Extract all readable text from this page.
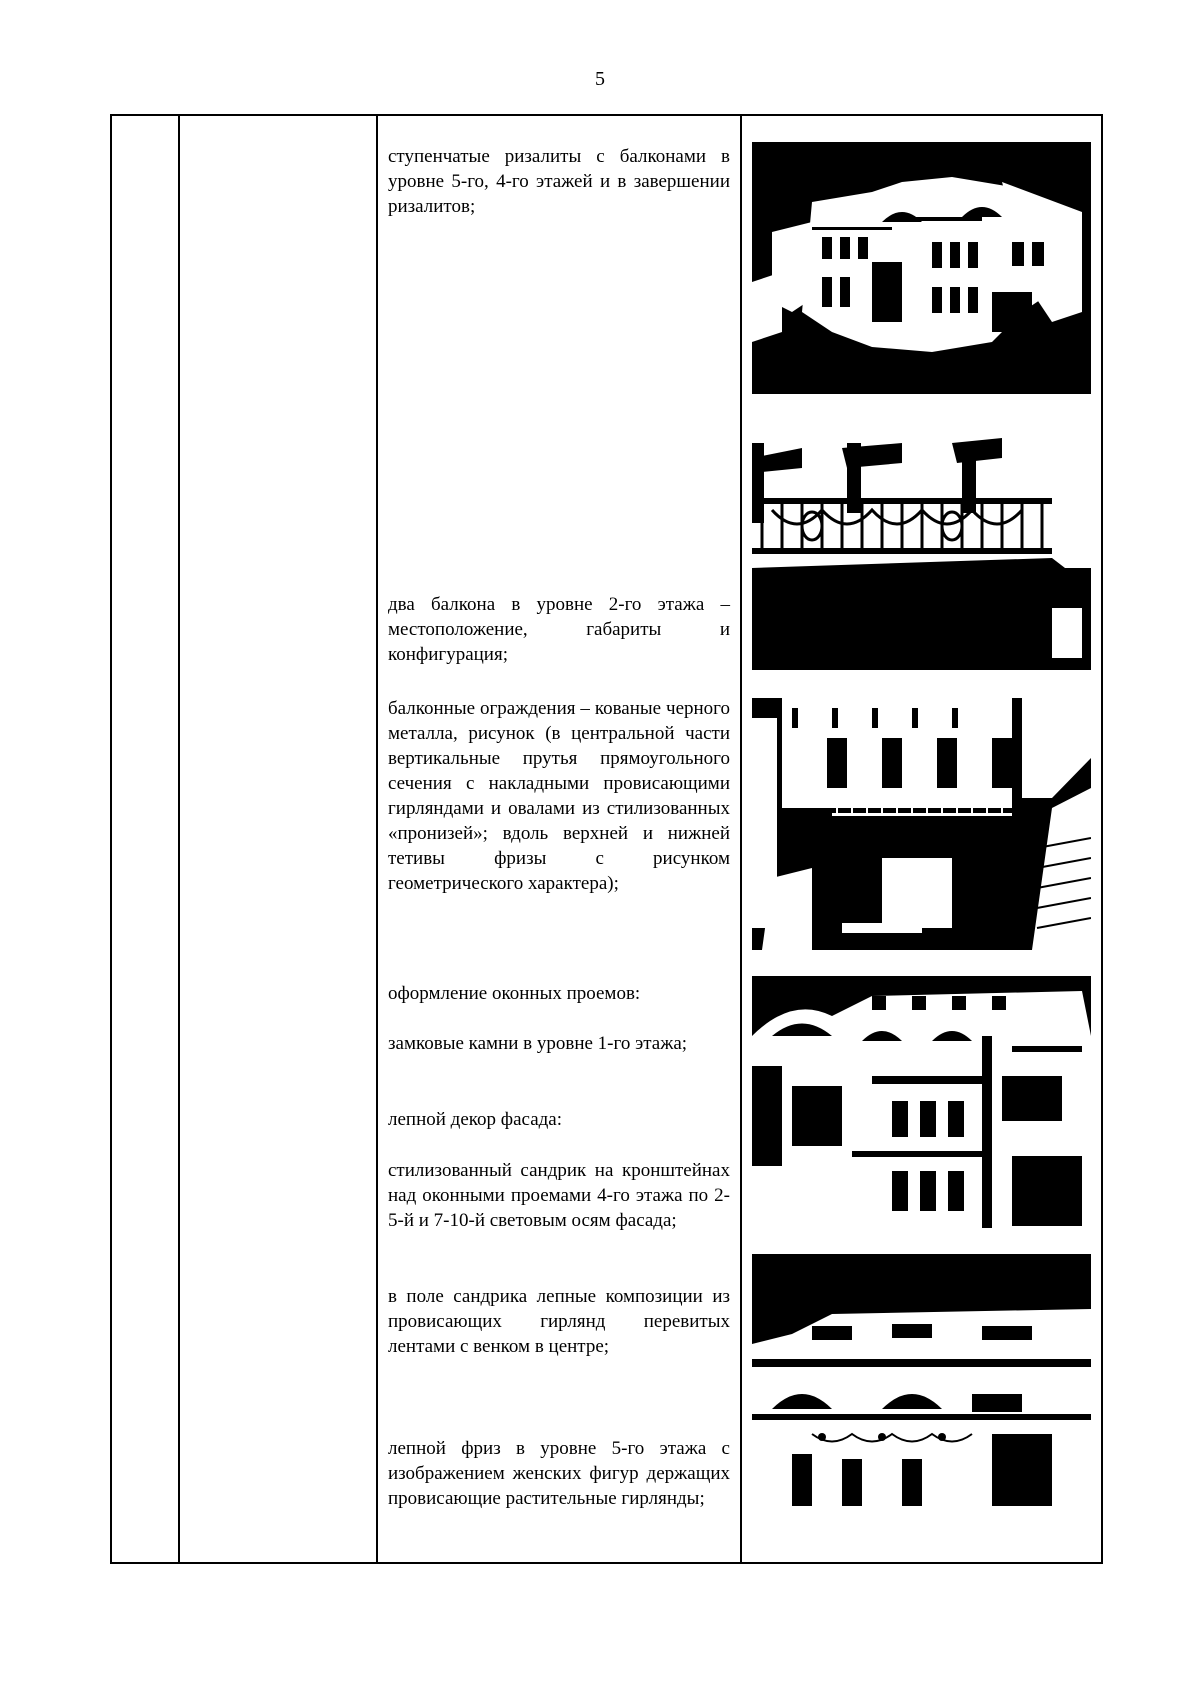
5
ступенчатые ризалиты с балконами в уровне 5-го, 4-го этажей и в завершении ризалитов;
два балкона в уровне 2-го этажа – местоположение, габариты и конфигурация;
балконные ограждения – кованые черного металла, рисунок (в центральной части вертикальные прутья прямоугольного сечения с накладными провисающими гирляндами и овалами из стилизованных «пронизей»; вдоль верхней и нижней тетивы фризы с рисунком геометрического характера);
оформление оконных проемов:
замковые камни в уровне 1-го этажа;
лепной декор фасада:
стилизованный сандрик на кронштейнах над оконными проемами 4-го этажа по 2-5-й и 7-10-й световым осям фасада;
в поле сандрика лепные композиции из провисающих гирлянд перевитых лентами с венком в центре;
лепной фриз в уровне 5-го этажа с изображением женских фигур держащих провисающие растительные гирлянды;
